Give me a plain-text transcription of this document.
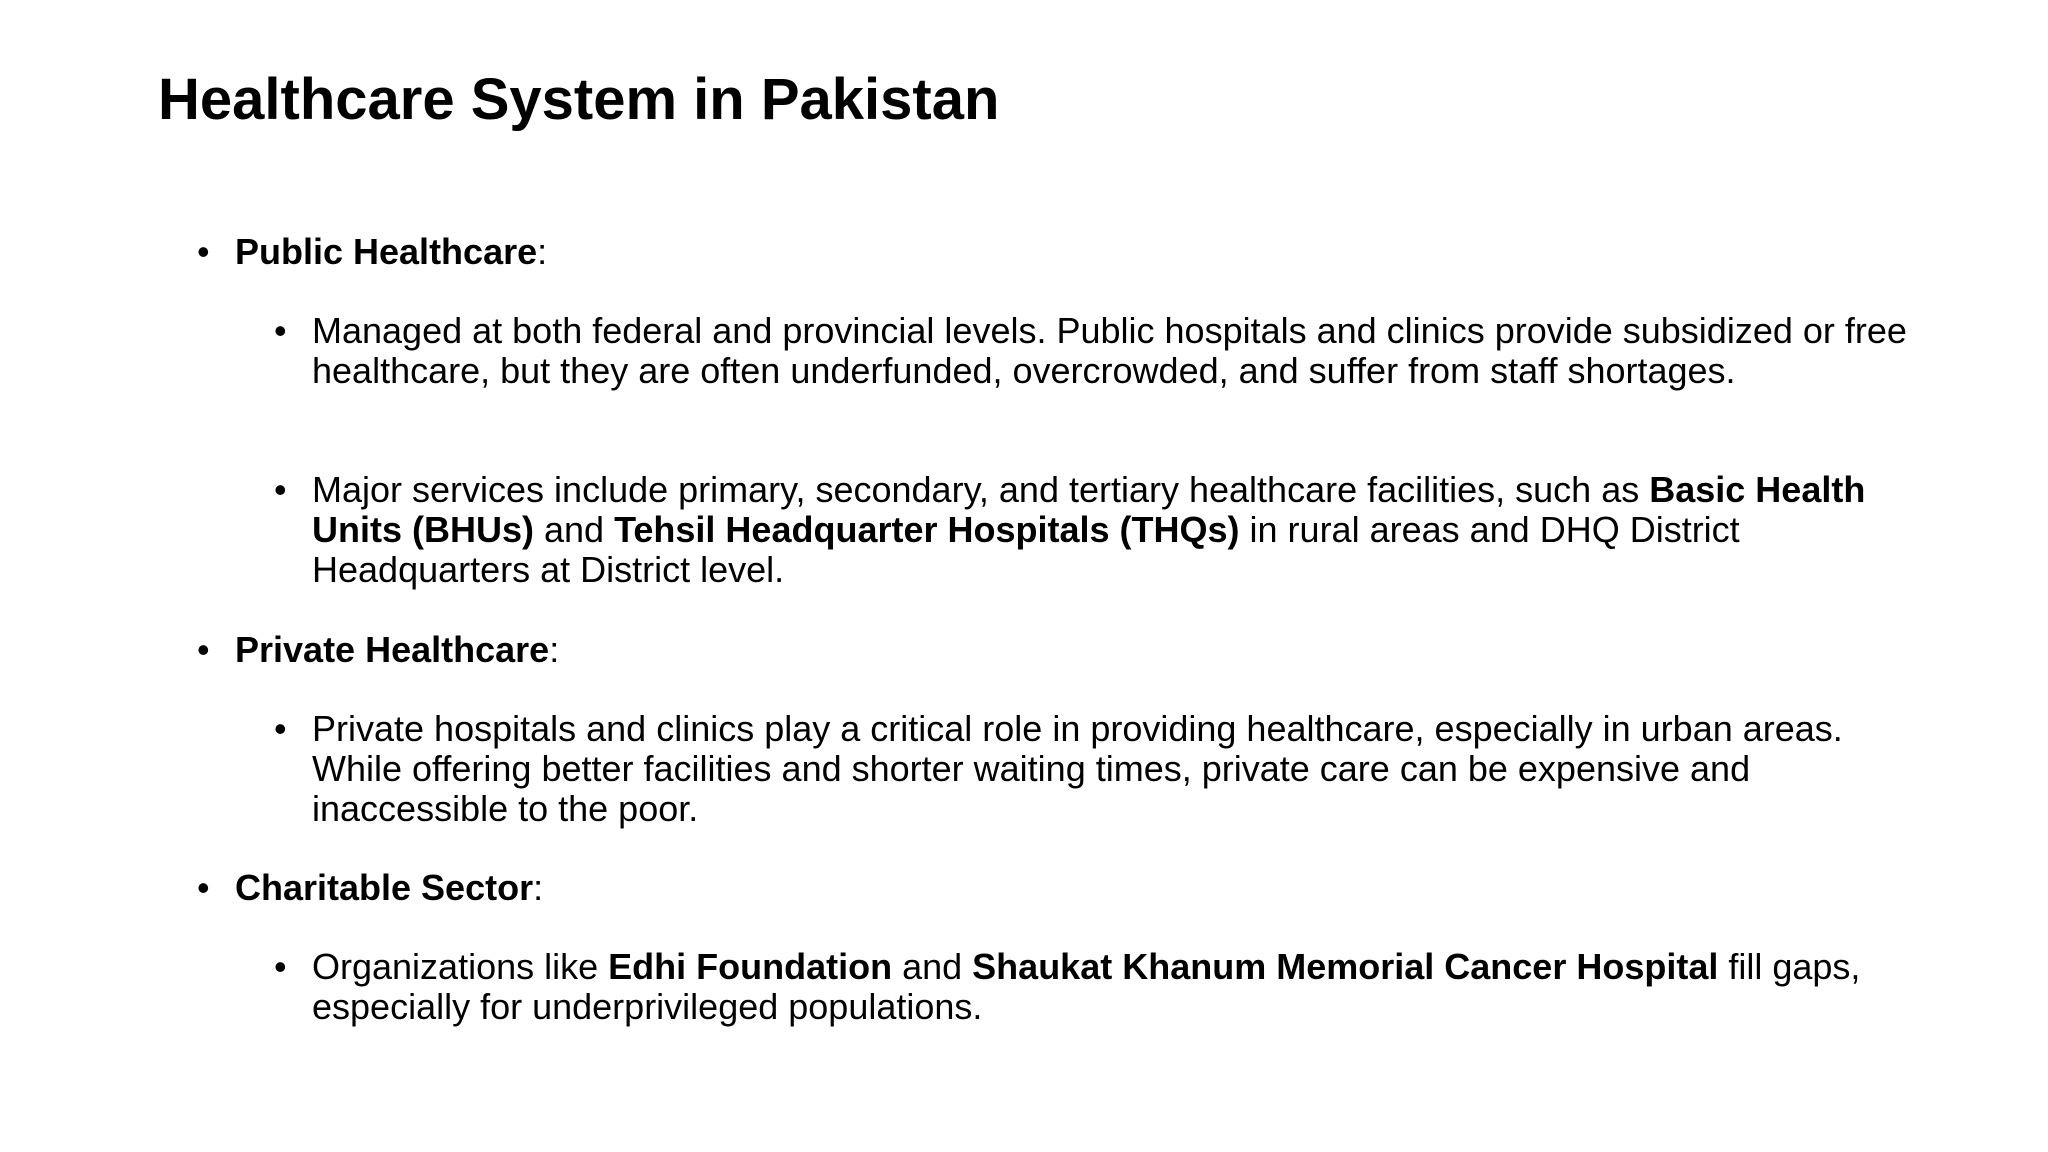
Healthcare System in Pakistan
• Public Healthcare:
• Managed at both federal and provincial levels. Public hospitals and clinics provide subsidized or free healthcare, but they are often underfunded, overcrowded, and suffer from staff shortages.
• Major services include primary, secondary, and tertiary healthcare facilities, such as Basic Health Units (BHUs) and Tehsil Headquarter Hospitals (THQs) in rural areas and DHQ District Headquarters at District level.
• Private Healthcare:
• Private hospitals and clinics play a critical role in providing healthcare, especially in urban areas. While offering better facilities and shorter waiting times, private care can be expensive and inaccessible to the poor.
• Charitable Sector:
• Organizations like Edhi Foundation and Shaukat Khanum Memorial Cancer Hospital fill gaps, especially for underprivileged populations.
